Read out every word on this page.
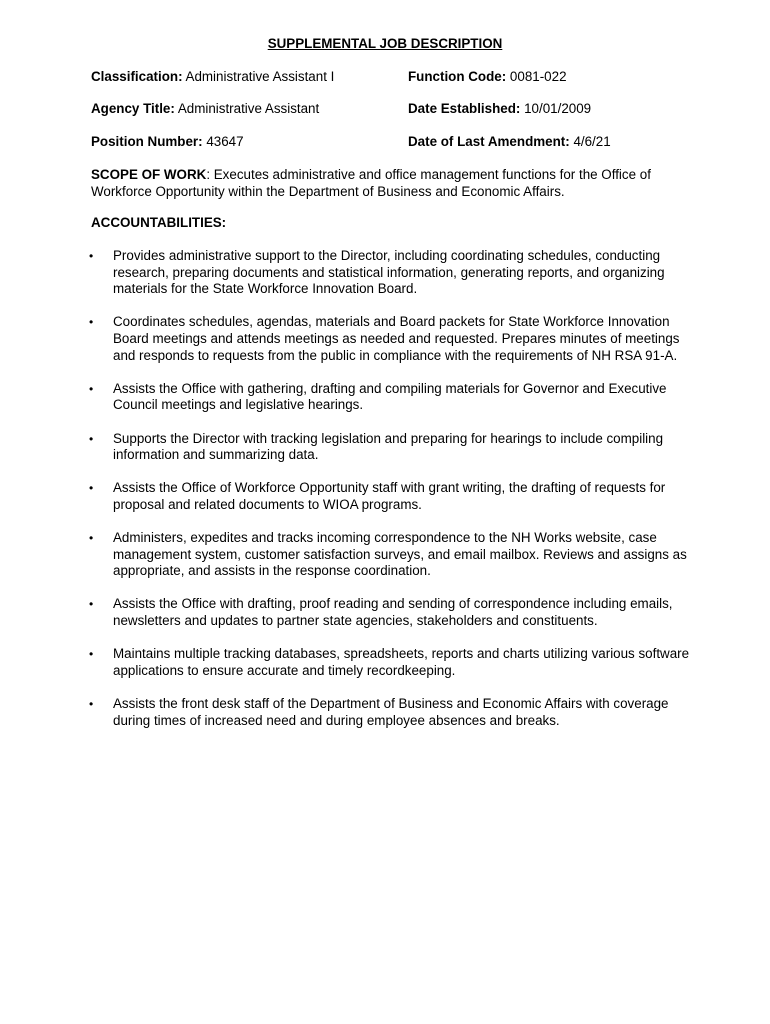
SUPPLEMENTAL JOB DESCRIPTION
Classification: Administrative Assistant I	Function Code: 0081-022
Agency Title: Administrative Assistant	Date Established: 10/01/2009
Position Number: 43647	Date of Last Amendment: 4/6/21
SCOPE OF WORK: Executes administrative and office management functions for the Office of Workforce Opportunity within the Department of Business and Economic Affairs.
ACCOUNTABILITIES:
• Provides administrative support to the Director, including coordinating schedules, conducting research, preparing documents and statistical information, generating reports, and organizing materials for the State Workforce Innovation Board.
• Coordinates schedules, agendas, materials and Board packets for State Workforce Innovation Board meetings and attends meetings as needed and requested. Prepares minutes of meetings and responds to requests from the public in compliance with the requirements of NH RSA 91-A.
• Assists the Office with gathering, drafting and compiling materials for Governor and Executive Council meetings and legislative hearings.
• Supports the Director with tracking legislation and preparing for hearings to include compiling information and summarizing data.
• Assists the Office of Workforce Opportunity staff with grant writing, the drafting of requests for proposal and related documents to WIOA programs.
• Administers, expedites and tracks incoming correspondence to the NH Works website, case management system, customer satisfaction surveys, and email mailbox. Reviews and assigns as appropriate, and assists in the response coordination.
• Assists the Office with drafting, proof reading and sending of correspondence including emails, newsletters and updates to partner state agencies, stakeholders and constituents.
• Maintains multiple tracking databases, spreadsheets, reports and charts utilizing various software applications to ensure accurate and timely recordkeeping.
• Assists the front desk staff of the Department of Business and Economic Affairs with coverage during times of increased need and during employee absences and breaks.
